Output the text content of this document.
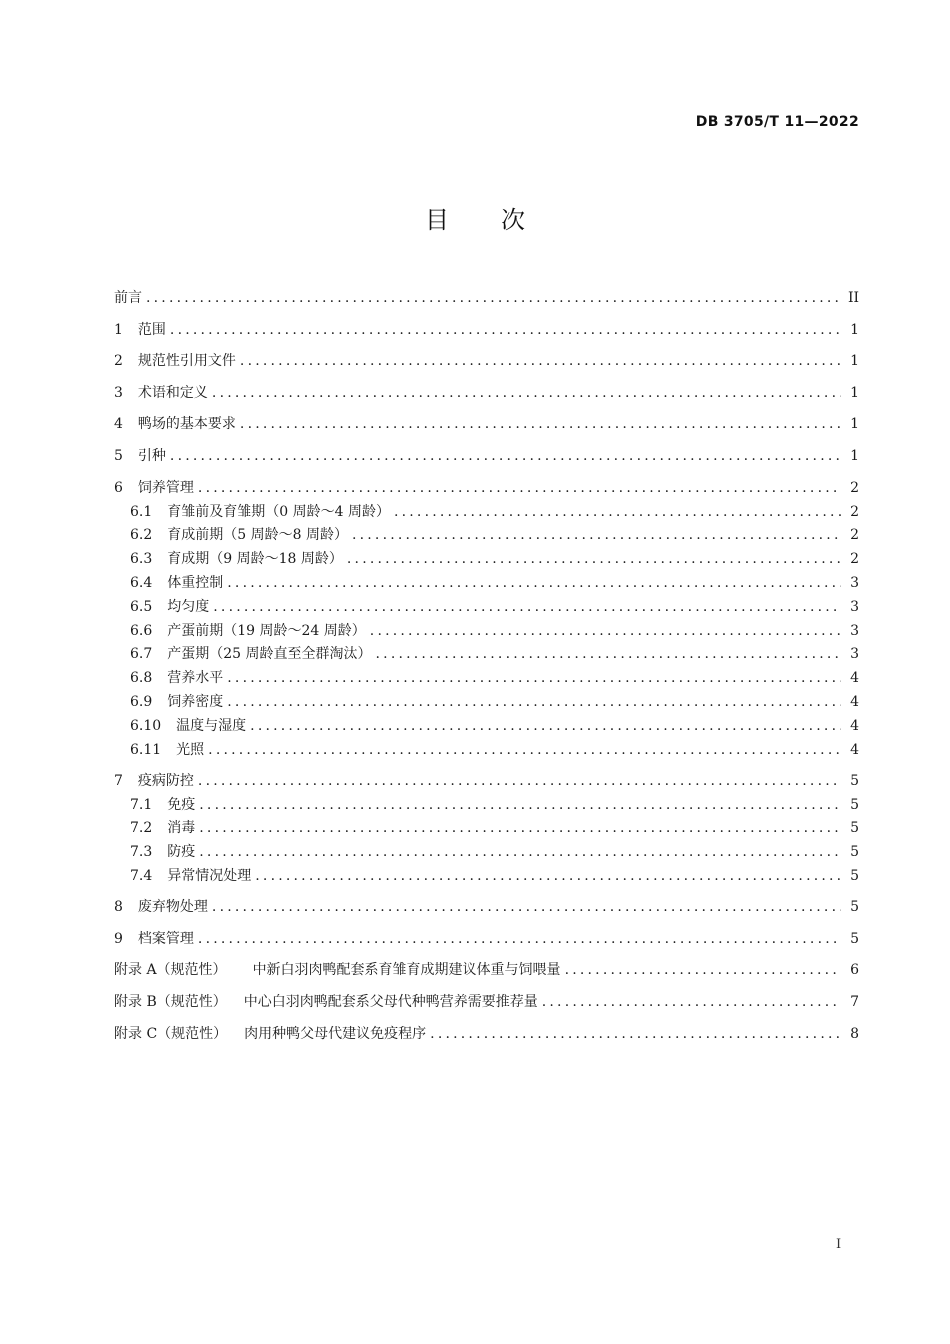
DB 3705/T 11—2022
目次
前言 .....	II
1 范围 .....	1
2 规范性引用文件 .....	1
3 术语和定义 .....	1
4 鸭场的基本要求 .....	1
5 引种 .....	1
6 饲养管理 .....	2
6.1 育雏前及育雏期（0 周龄～4 周龄） .....	2
6.2 育成前期（5 周龄～8 周龄） .....	2
6.3 育成期（9 周龄～18 周龄） .....	2
6.4 体重控制 .....	3
6.5 均匀度 .....	3
6.6 产蛋前期（19 周龄～24 周龄） .....	3
6.7 产蛋期（25 周龄直至全群淘汰） .....	3
6.8 营养水平 .....	4
6.9 饲养密度 .....	4
6.10 温度与湿度 .....	4
6.11 光照 .....	4
7 疫病防控 .....	5
7.1 免疫 .....	5
7.2 消毒 .....	5
7.3 防疫 .....	5
7.4 异常情况处理 .....	5
8 废弃物处理 .....	5
9 档案管理 .....	5
附录 A（规范性） 中新白羽肉鸭配套系育雏育成期建议体重与饲喂量 .....	6
附录 B（规范性） 中心白羽肉鸭配套系父母代种鸭营养需要推荐量 .....	7
附录 C（规范性） 肉用种鸭父母代建议免疫程序 .....	8
I
